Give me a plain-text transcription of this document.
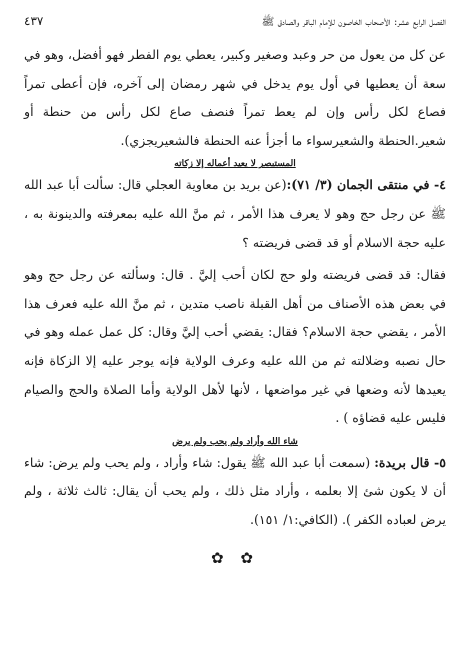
الفصل الرابع عشر: الأصحاب الخاصون للإمام الباقر والصادق ﷺ
٤٣٧

عن كل من يعول من حر وعبد وصغير وكبير، يعطي يوم الفطر فهو أفضل، وهو في سعة أن يعطيها في أول يوم يدخل في شهر رمضان إلى آخره، فإن أعطى تمراً فصاع لكل رأس وإن لم يعط تمراً فنصف صاع لكل رأس من حنطة أو شعير.الحنطة والشعيرسواء ما أجزأ عنه الحنطة فالشعيريجزي).

المستبصر لا يعيد أعماله إلا زكاته

٤- في منتقى الجمان (٣/ ٧١):(عن بريد بن معاوية العجلي قال: سألت أبا عبد الله ﷺ عن رجل حج وهو لا يعرف هذا الأمر ، ثم منَّ الله عليه بمعرفته والدينونة به ، عليه حجة الاسلام أو قد قضى فريضته ؟

فقال: قد قضى فريضته ولو حج لكان أحب إليَّ . قال: وسألته عن رجل حج وهو في بعض هذه الأصناف من أهل القبلة ناصب متدين ، ثم منَّ الله عليه فعرف هذا الأمر ، يقضي حجة الاسلام؟ فقال: يقضي أحب إليَّ وقال: كل عمل عمله وهو في حال نصبه وضلالته ثم من الله عليه وعرف الولاية فإنه يوجر عليه إلا الزكاة فإنه يعيدها لأنه وضعها في غير مواضعها ، لأنها لأهل الولاية وأما الصلاة والحج والصيام فليس عليه قضاؤه ) .

شاء الله وأراد ولم يحب ولم يرض

٥- قال بريدة: (سمعت أبا عبد الله ﷺ يقول: شاء وأراد ، ولم يحب ولم يرض: شاء أن لا يكون شئ إلا بعلمه ، وأراد مثل ذلك ، ولم يحب أن يقال: ثالث ثلاثة ، ولم يرض لعباده الكفر ). (الكافي:١/ ١٥١).

✿ ✿
